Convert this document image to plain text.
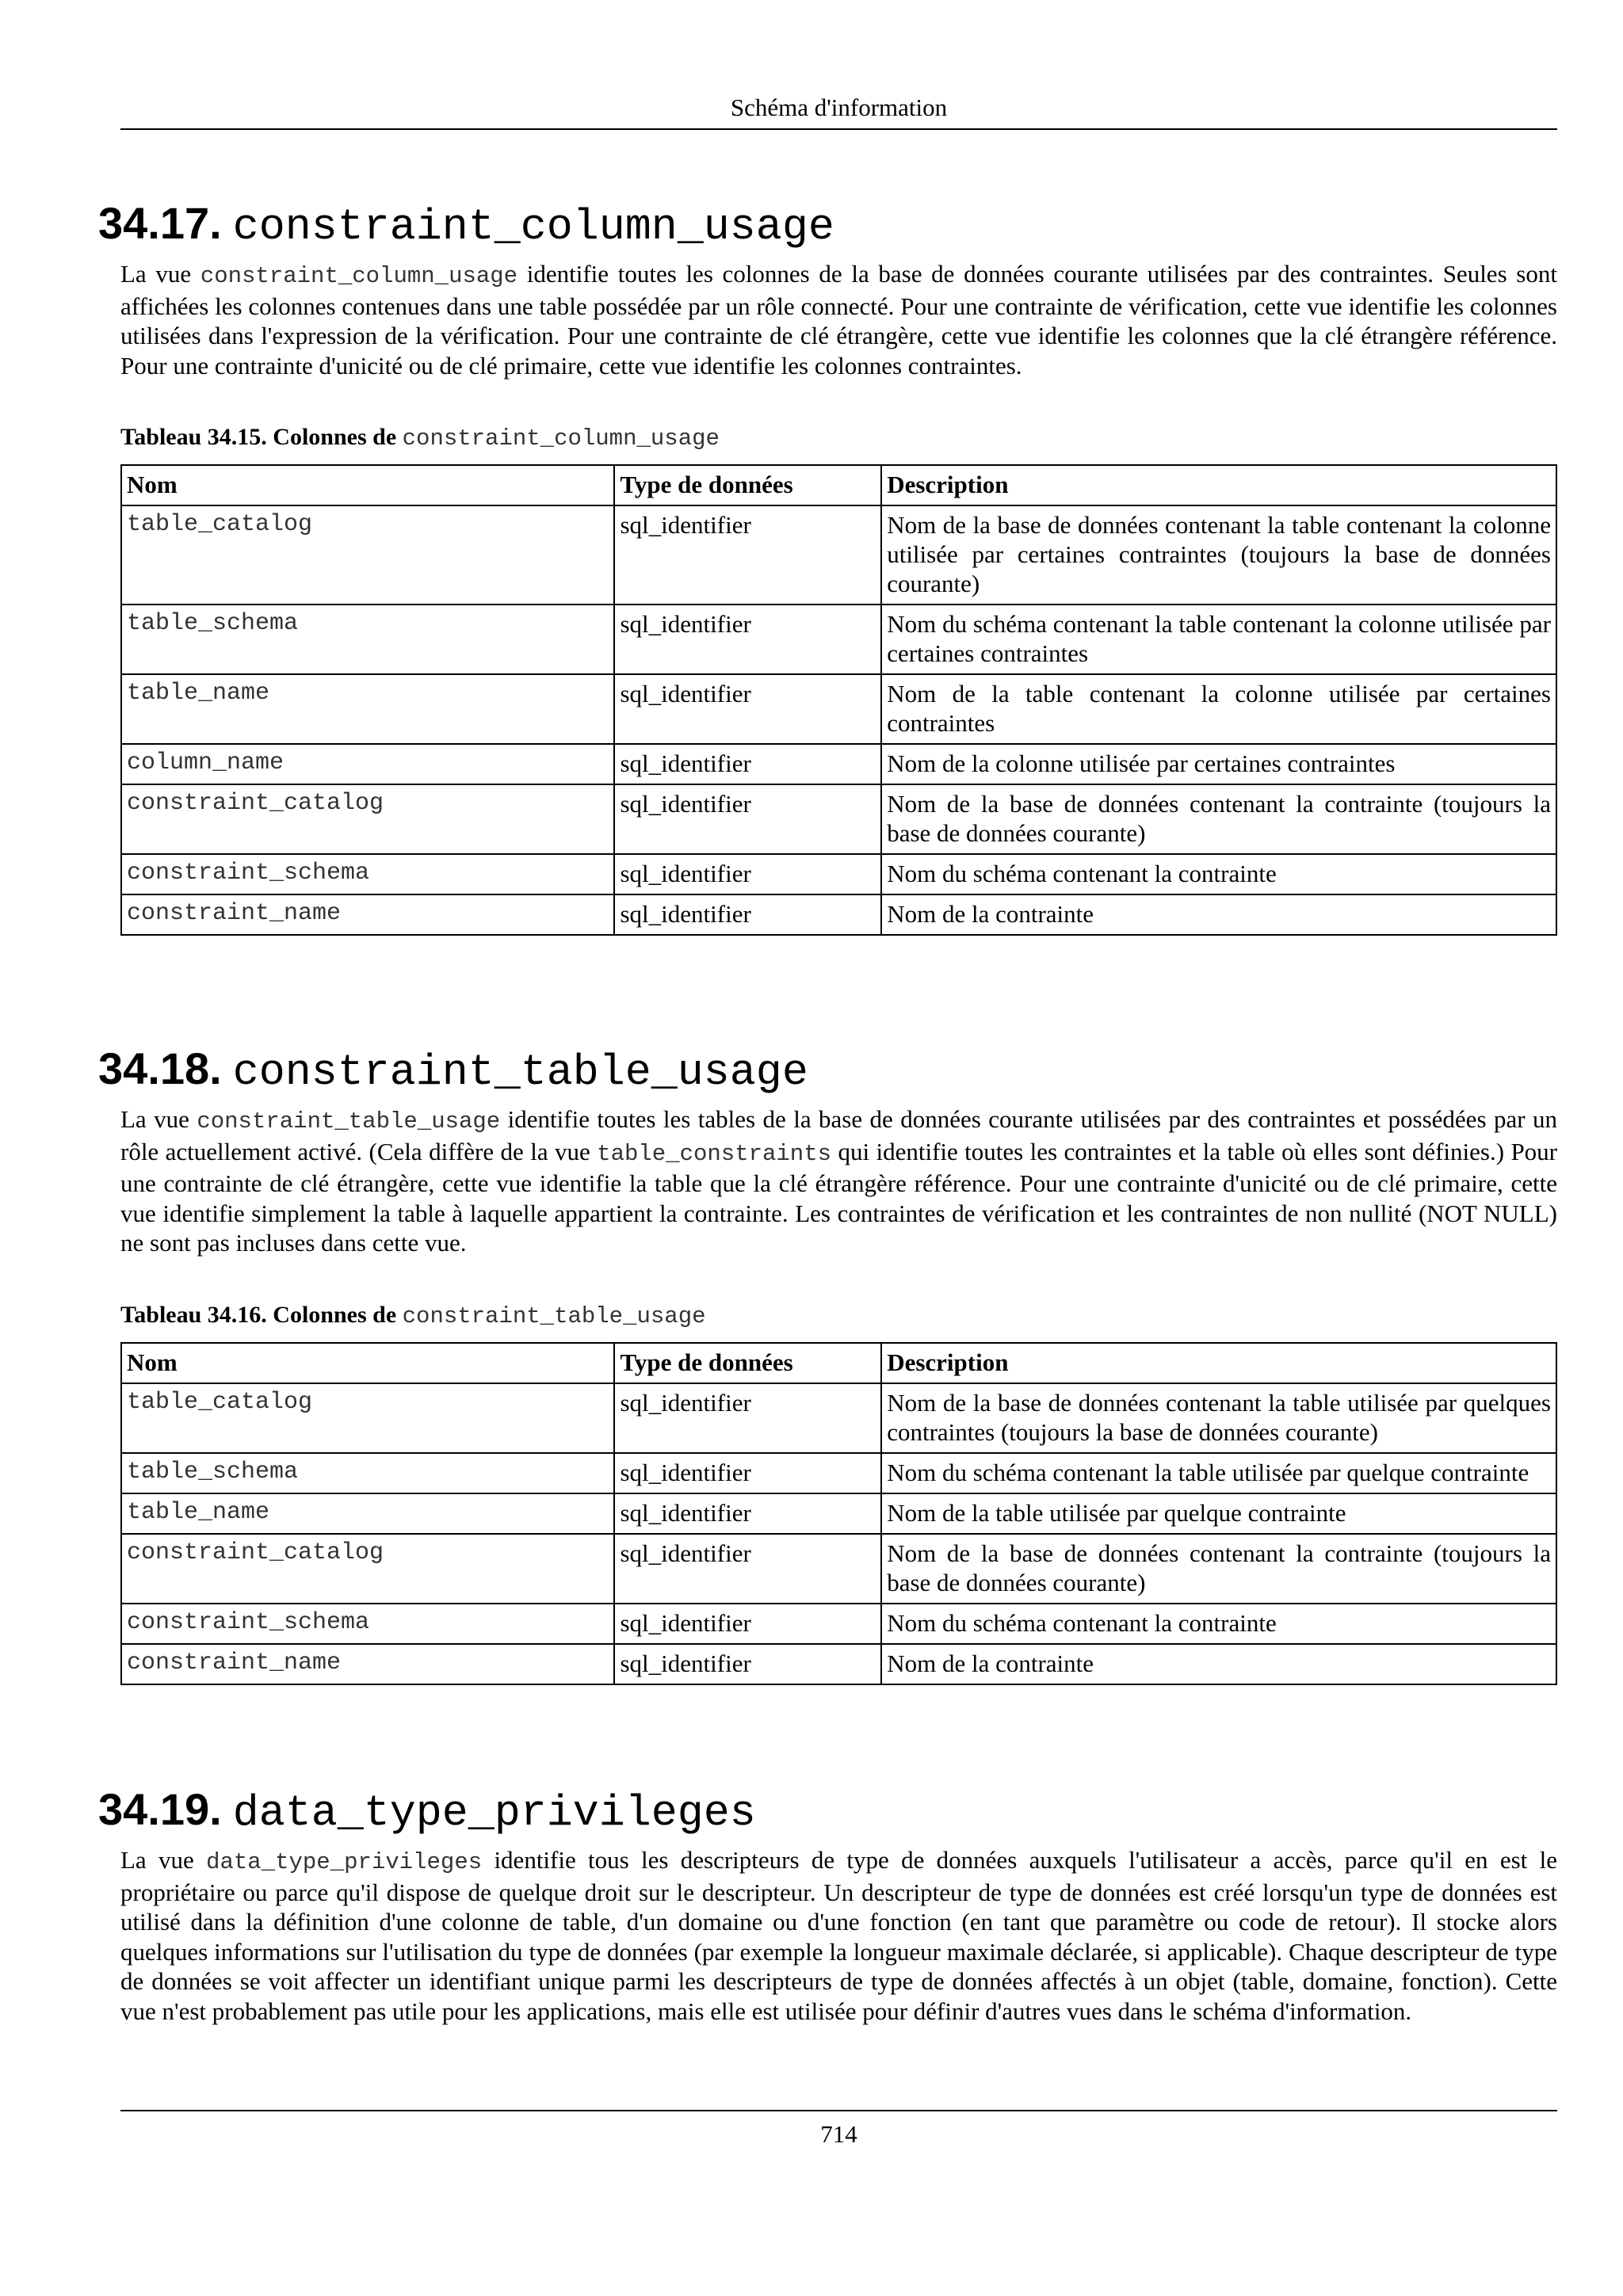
Schéma d'information
34.17. constraint_column_usage

La vue constraint_column_usage identifie toutes les colonnes de la base de données courante utilisées par des contraintes. Seules sont affichées les colonnes contenues dans une table possédée par un rôle connecté. Pour une contrainte de vérification, cette vue identifie les colonnes utilisées dans l'expression de la vérification. Pour une contrainte de clé étrangère, cette vue identifie les colonnes que la clé étrangère référence. Pour une contrainte d'unicité ou de clé primaire, cette vue identifie les colonnes contraintes.

Tableau 34.15. Colonnes de constraint_column_usage

Nom	Type de données	Description
table_catalog	sql_identifier	Nom de la base de données contenant la table contenant la colonne utilisée par certaines contraintes (toujours la base de données courante)
table_schema	sql_identifier	Nom du schéma contenant la table contenant la colonne utilisée par certaines contraintes
table_name	sql_identifier	Nom de la table contenant la colonne utilisée par certaines contraintes
column_name	sql_identifier	Nom de la colonne utilisée par certaines contraintes
constraint_catalog	sql_identifier	Nom de la base de données contenant la contrainte (toujours la base de données courante)
constraint_schema	sql_identifier	Nom du schéma contenant la contrainte
constraint_name	sql_identifier	Nom de la contrainte
34.18. constraint_table_usage

La vue constraint_table_usage identifie toutes les tables de la base de données courante utilisées par des contraintes et possédées par un rôle actuellement activé. (Cela diffère de la vue table_constraints qui identifie toutes les contraintes et la table où elles sont définies.) Pour une contrainte de clé étrangère, cette vue identifie la table que la clé étrangère référence. Pour une contrainte d'unicité ou de clé primaire, cette vue identifie simplement la table à laquelle appartient la contrainte. Les contraintes de vérification et les contraintes de non nullité (NOT NULL) ne sont pas incluses dans cette vue.

Tableau 34.16. Colonnes de constraint_table_usage

Nom	Type de données	Description
table_catalog	sql_identifier	Nom de la base de données contenant la table utilisée par quelques contraintes (toujours la base de données courante)
table_schema	sql_identifier	Nom du schéma contenant la table utilisée par quelque contrainte
table_name	sql_identifier	Nom de la table utilisée par quelque contrainte
constraint_catalog	sql_identifier	Nom de la base de données contenant la contrainte (toujours la base de données courante)
constraint_schema	sql_identifier	Nom du schéma contenant la contrainte
constraint_name	sql_identifier	Nom de la contrainte
34.19. data_type_privileges

La vue data_type_privileges identifie tous les descripteurs de type de données auxquels l'utilisateur a accès, parce qu'il en est le propriétaire ou parce qu'il dispose de quelque droit sur le descripteur. Un descripteur de type de données est créé lorsqu'un type de données est utilisé dans la définition d'une colonne de table, d'un domaine ou d'une fonction (en tant que paramètre ou code de retour). Il stocke alors quelques informations sur l'utilisation du type de données (par exemple la longueur maximale déclarée, si applicable). Chaque descripteur de type de données se voit affecter un identifiant unique parmi les descripteurs de type de données affectés à un objet (table, domaine, fonction). Cette vue n'est probablement pas utile pour les applications, mais elle est utilisée pour définir d'autres vues dans le schéma d'information.

714
